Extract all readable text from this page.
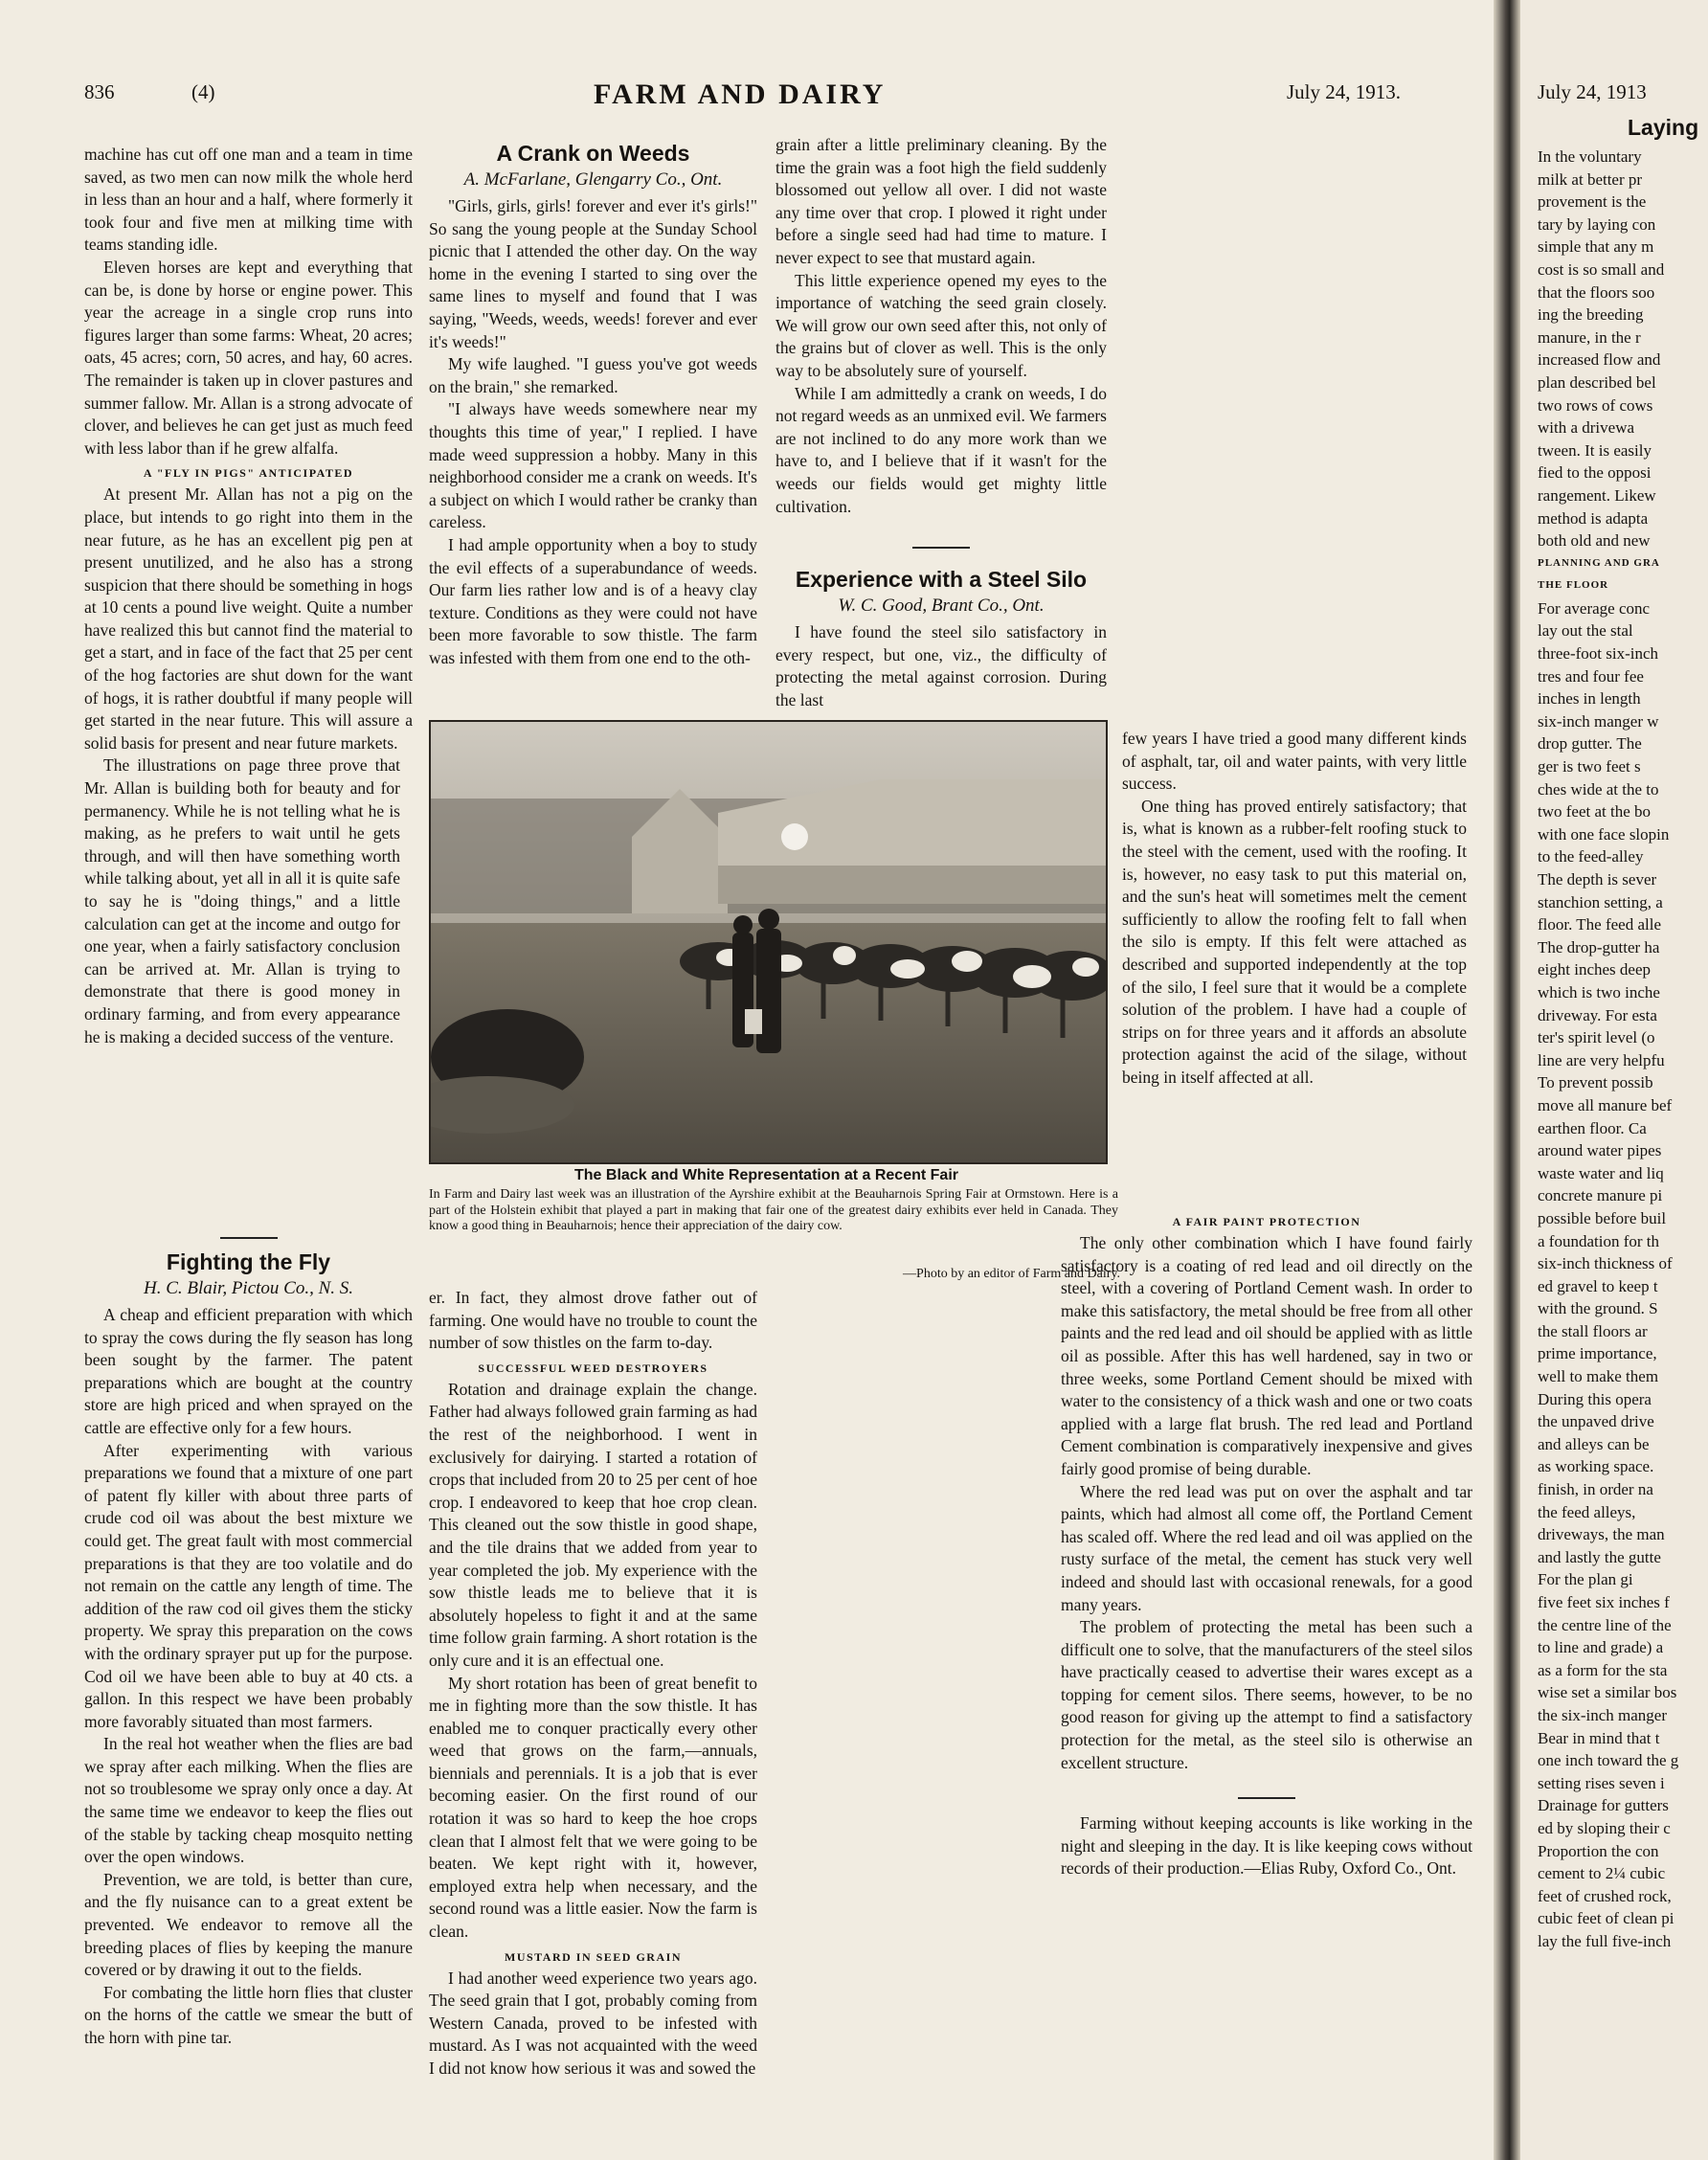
836	(4)	FARM AND DAIRY	July 24, 1913.

machine has cut off one man and a team in time saved, as two men can now milk the whole herd in less than an hour and a half, where formerly it took four and five men at milking time with teams standing idle.

Eleven horses are kept and everything that can be, is done by horse or engine power. This year the acreage in a single crop runs into figures larger than some farms: Wheat, 20 acres; oats, 45 acres; corn, 50 acres, and hay, 60 acres. The remainder is taken up in clover pastures and summer fallow. Mr. Allan is a strong advocate of clover, and believes he can get just as much feed with less labor than if he grew alfalfa.

A "FLY IN PIGS" ANTICIPATED

At present Mr. Allan has not a pig on the place, but intends to go right into them in the near future, as he has an excellent pig pen at present unutilized, and he also has a strong suspicion that there should be something in hogs at 10 cents a pound live weight. Quite a number have realized this but cannot find the material to get a start, and in face of the fact that 25 per cent of the hog factories are shut down for the want of hogs, it is rather doubtful if many people will get started in the near future. This will assure a solid basis for present and near future markets.

The illustrations on page three prove that Mr. Allan is building both for beauty and for permanency. While he is not telling what he is making, as he prefers to wait until he gets through, and will then have something worth while talking about, yet all in all it is quite safe to say he is "doing things," and a little calculation can get at the income and outgo for one year, when a fairly satisfactory conclusion can be arrived at. Mr. Allan is trying to demonstrate that there is good money in ordinary farming, and from every appearance he is making a decided success of the venture.

Fighting the Fly
H. C. Blair, Pictou Co., N. S.

A cheap and efficient preparation with which to spray the cows during the fly season has long been sought by the farmer. The patent preparations which are bought at the country store are high priced and when sprayed on the cattle are effective only for a few hours.

After experimenting with various preparations we found that a mixture of one part of patent fly killer with about three parts of crude cod oil was about the best mixture we could get. The great fault with most commercial preparations is that they are too volatile and do not remain on the cattle any length of time. The addition of the raw cod oil gives them the sticky property. We spray this preparation on the cows with the ordinary sprayer put up for the purpose. Cod oil we have been able to buy at 40 cts. a gallon. In this respect we have been probably more favorably situated than most farmers.

In the real hot weather when the flies are bad we spray after each milking. When the flies are not so troublesome we spray only once a day. At the same time we endeavor to keep the flies out of the stable by tacking cheap mosquito netting over the open windows.

Prevention, we are told, is better than cure, and the fly nuisance can to a great extent be prevented. We endeavor to remove all the breeding places of flies by keeping the manure covered or by drawing it out to the fields.

For combating the little horn flies that cluster on the horns of the cattle we smear the butt of the horn with pine tar.

A Crank on Weeds
A. McFarlane, Glengarry Co., Ont.

"Girls, girls, girls! forever and ever it's girls!" So sang the young people at the Sunday School picnic that I attended the other day. On the way home in the evening I started to sing over the same lines to myself and found that I was saying, "Weeds, weeds, weeds! forever and ever it's weeds!"

My wife laughed. "I guess you've got weeds on the brain," she remarked.

"I always have weeds somewhere near my thoughts this time of year," I replied. I have made weed suppression a hobby. Many in this neighborhood consider me a crank on weeds. It's a subject on which I would rather be cranky than careless.

I had ample opportunity when a boy to study the evil effects of a superabundance of weeds. Our farm lies rather low and is of a heavy clay texture. Conditions as they were could not have been more favorable to sow thistle. The farm was infested with them from one end to the oth-

er. In fact, they almost drove father out of farming. One would have no trouble to count the number of sow thistles on the farm to-day.

SUCCESSFUL WEED DESTROYERS

Rotation and drainage explain the change. Father had always followed grain farming as had the rest of the neighborhood. I went in exclusively for dairying. I started a rotation of crops that included from 20 to 25 per cent of hoe crop. I endeavored to keep that hoe crop clean. This cleaned out the sow thistle in good shape, and the tile drains that we added from year to year completed the job. My experience with the sow thistle leads me to believe that it is absolutely hopeless to fight it and at the same time follow grain farming. A short rotation is the only cure and it is an effectual one.

My short rotation has been of great benefit to me in fighting more than the sow thistle. It has enabled me to conquer practically every other weed that grows on the farm,—annuals, biennials and perennials. It is a job that is ever becoming easier. On the first round of our rotation it was so hard to keep the hoe crops clean that I almost felt that we were going to be beaten. We kept right with it, however, employed extra help when necessary, and the second round was a little easier. Now the farm is clean.

MUSTARD IN SEED GRAIN

I had another weed experience two years ago. The seed grain that I got, probably coming from Western Canada, proved to be infested with mustard. As I was not acquainted with the weed I did not know how serious it was and sowed the

grain after a little preliminary cleaning. By the time the grain was a foot high the field suddenly blossomed out yellow all over. I did not waste any time over that crop. I plowed it right under before a single seed had had time to mature. I never expect to see that mustard again.

This little experience opened my eyes to the importance of watching the seed grain closely. We will grow our own seed after this, not only of the grains but of clover as well. This is the only way to be absolutely sure of yourself.

While I am admittedly a crank on weeds, I do not regard weeds as an unmixed evil. We farmers are not inclined to do any more work than we have to, and I believe that if it wasn't for the weeds our fields would get mighty little cultivation.

Experience with a Steel Silo
W. C. Good, Brant Co., Ont.

I have found the steel silo satisfactory in every respect, but one, viz., the difficulty of protecting the metal against corrosion. During the last

few years I have tried a good many different kinds of asphalt, tar, oil and water paints, with very little success.

One thing has proved entirely satisfactory; that is, what is known as a rubber-felt roofing stuck to the steel with the cement, used with the roofing. It is, however, no easy task to put this material on, and the sun's heat will sometimes melt the cement sufficiently to allow the roofing felt to fall when the silo is empty. If this felt were attached as described and supported independently at the top of the silo, I feel sure that it would be a complete solution of the problem. I have had a couple of strips on for three years and it affords an absolute protection against the acid of the silage, without being in itself affected at all.

A FAIR PAINT PROTECTION

The only other combination which I have found fairly satisfactory is a coating of red lead and oil directly on the steel, with a covering of Portland Cement wash. In order to make this satisfactory, the metal should be free from all other paints and the red lead and oil should be applied with as little oil as possible. After this has well hardened, say in two or three weeks, some Portland Cement should be mixed with water to the consistency of a thick wash and one or two coats applied with a large flat brush. The red lead and Portland Cement combination is comparatively inexpensive and gives fairly good promise of being durable.

Where the red lead was put on over the asphalt and tar paints, which had almost all come off, the Portland Cement has scaled off. Where the red lead and oil was applied on the rusty surface of the metal, the cement has stuck very well indeed and should last with occasional renewals, for a good many years.

The problem of protecting the metal has been such a difficult one to solve, that the manufacturers of the steel silos have practically ceased to advertise their wares except as a topping for cement silos. There seems, however, to be no good reason for giving up the attempt to find a satisfactory protection for the metal, as the steel silo is otherwise an excellent structure.

Farming without keeping accounts is like working in the night and sleeping in the day. It is like keeping cows without records of their production.—Elias Ruby, Oxford Co., Ont.

The Black and White Representation at a Recent Fair
In Farm and Dairy last week was an illustration of the Ayrshire exhibit at the Beauharnois Spring Fair at Ormstown. Here is a part of the Holstein exhibit that played a part in making that fair one of the greatest dairy exhibits ever held in Canada. They know a good thing in Beauharnois; hence their appreciation of the dairy cow.
—Photo by an editor of Farm and Dairy.
July 24, 1913
Laying
In the voluntary
milk at better pr
provement is the
tary by laying con
simple that any m
cost is so small and
that the floors soo
ing the breeding
manure, in the r
increased flow and
plan described bel
two rows of cows
with a drivewa
tween. It is easily
fied to the opposi
rangement. Likew
method is adapta
both old and new
PLANNING AND GRA
THE FLOOR
For average conc
lay out the stal
three-foot six-inch
tres and four fee
inches in length
six-inch manger w
drop gutter. The
ger is two feet s
ches wide at the to
two feet at the bo
with one face slopin
to the feed-alley
The depth is sever
stanchion setting, a
floor. The feed alle
The drop-gutter ha
eight inches deep
which is two inche
driveway. For esta
ter's spirit level (o
line are very helpfu
To prevent possib
move all manure bef
earthen floor. Ca
around water pipes
waste water and liq
concrete manure pi
possible before buil
a foundation for th
six-inch thickness of
ed gravel to keep t
with the ground. S
the stall floors ar
prime importance,
well to make them
During this opera
the unpaved drive
and alleys can be
as working space.
finish, in order na
the feed alleys,
driveways, the man
and lastly the gutte
For the plan gi
five feet six inches f
the centre line of the
to line and grade) a
as a form for the sta
wise set a similar bos
the six-inch manger
Bear in mind that t
one inch toward the g
setting rises seven i
Drainage for gutters
ed by sloping their c
Proportion the con
cement to 2¼ cubic
feet of crushed rock,
cubic feet of clean pi
lay the full five-inch
